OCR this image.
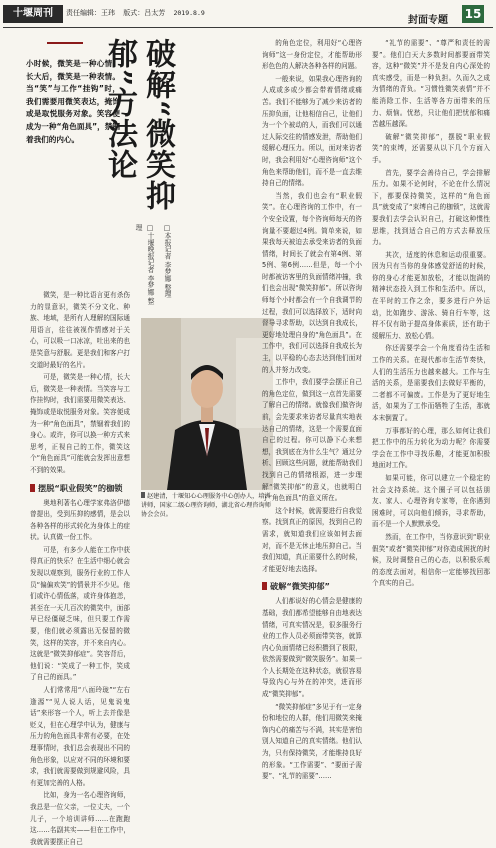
十堰周刊	责任编辑：王玮 版式：吕太芳 2019.8.9
封面专题 15
小时候，微笑是一种心情；长大后，微笑是一种表情。当“笑”与工作“挂钩”时，我们需要用微笑表达，掩饰或是取悦服务对象。笑容便成为一种“角色面具”，禁锢着我们的内心。	破解“微笑抑郁”方法论
□十堰晚报记者 李梦娜 整理

微笑，是一种比语言更有杀伤力的显意识，微笑不分文化、种族、地域，是所有人理解的国际通用语言，往往被视作情感对于关心，可以吸一口冰凉，吐出来的也是笑意与舒服。更是我们和客户打交道时最好的名片。

可是，微笑是一种心情，长大后，微笑是一种表情。当笑容与工作挂钩时，我们需要用微笑表达、掩饰或是取悦服务对象。笑容便成为一种“角色面具”，禁锢着我们的身心。或许，你可以换一种方式来思考，正视自己的工作，微笑这个“角色面具”可能就会发挥出意想不到的效果。

摆脱“职业假笑”的枷锁

奥地利著名心理学家弗洛伊德曾提出，受到压抑的感情，是会以各种各样的形式转化为身体上的症状。认真做一份工作。

可是，有多少人能在工作中获得真正的快乐？在生活中细心就会发现以观察到，服务行业的工作人员“偏偏欢笑”的情景并不少见。他们或许心情低落，或许身体抱恙，甚至在一天几百次的微笑中，面部早已经僵硬乏味，但只要工作需要，他们就必须露出无保留的微笑，这样的笑容，并不来自内心。这就是“微笑抑郁症”。笑容背后，他们说：“笑成了一种工作，笑成了自己的面具。”

人们常常用“八面玲珑”“左右逢源”“见人说人话，见鬼说鬼话”来形容一个人，听上去并像是贬义，但在心理学中认为，健康与压力的角色面具非常有必要，在处理事情时，我们总会表现出不同的角色形象，以应对不同的环境和要求，我们就需要做到规避风险，具有更加完善的人格。

比如，身为一名心理咨询师，我总是一位父亲，一位丈夫，一个儿子，一个培训讲师……在跑跑这……名副其实——但在工作中，我就需要摆正自己

赵建清，十堰知心心理服务中心创办人，培训讲师，国家二级心理咨询师，湖北省心理咨询师协会会员。

的角色定位，利用好“心理咨询师”这一身份定位，才能帮助形形色色的人解决各种各样的问题。

一般来说，如果我心理咨询的人成或多或少都会带着情绪或痛苦。我们不能够为了减少来访者的压抑负面，让他相信自己，让他们为一个个被动的人，而我们可以通过人际交往的情感发泄，帮助他们缓解心理压力。所以，面对来访者时，我会利用好“心理咨询师”这个角色来帮助他们，而不是一直去维持自己的情绪。

当然，我们也会有“职业假笑”。在心理咨询的工作中，有一个安全设置，每个咨询师每天的咨询量不要超过4例。简单来说，如果我每天被迫去承受来访者的负面情绪，时间长了就会有第4例、第5例、第6例……但是，每一个小时都被访客里的负面情绪冲撞，我们也会出现“微笑抑郁”。所以咨询师每个小时都会有一个自我调节的过程，我们可以选择放下，适时向督导寻求帮助，以达到自我成长，更好地处理自身的“角色面具”。在工作中，我们可以选择自我成长为主，以平稳的心态去达到他们面对的人并努力改变。

工作中，我们要学会摆正自己的角色定位，做到这一点首先需要了解自己的情绪。就像我们做咨询前，会先要求来访者尽量真实地表达自己的情绪，这是一个需要直面自己的过程。你可以静下心来想想，我到底在为什么生气？通过分析、回顾这些问题，就能帮助我们找到自己的情绪根源，进一步理解“微笑抑郁”的意义，也就明白了“角色面具”的意义所在。

这个时候，就需要进行自我觉察。找到真正的原因，找到自己的需求，就知道我们应该如何去面对，而不是无休止地压抑自己。当我们知道，真正需要什么的时候，才能更好地去选择。

破解“微笑抑郁”

人们都说好的心情会是健康的基础，我们都希望能够自由地表达情绪，可真实情况是，很多服务行业的工作人员必须面带笑容，就算内心负面情绪已经积攒到了极限，依然需要做到“微笑服务”。如果一个人长期处在这种状态，就很容易导致内心与外在的冲突，进而形成“微笑抑郁”。

“微笑抑郁症”多见于有一定身份和地位的人群，他们用微笑来掩饰内心的痛苦与不满，其实是害怕别人知道自己的真实情绪。他们认为，只有保持微笑，才能维持良好的形象。“工作需要”、“要面子需要”、“礼节的需要”……

“礼节的需要”、“尊严和责任的需要”。他们白天大多数时间都要面带笑容，这种“微笑”并不是发自内心深处的真实感受，而是一种负担。久而久之成为情绪的背负。“习惯性微笑表情”并不能消除工作、生活等各方面带来的压力、烦恼。忧愁，只让他们把忧郁和痛苦越压越深。

破解“微笑抑郁”，摆脱“职业假笑”的束缚，还需要从以下几个方面入手。

首先，要学会善待自己，学会排解压力。如果不论何时，不论在什么情况下，都要保持微笑，这样的“角色面具”就变成了“束缚自己的枷锁”，这就需要我们去学会认识自己，打破这种惯性思维，找到适合自己的方式去释放压力。

其次，适度的休息和运动很重要。因为只有当你的身体感觉舒适的时候，你的身心才能更加放松，才能以饱满的精神状态投入到工作和生活中。所以，在平时的工作之余，要多进行户外运动，比如跑步、游泳、骑自行车等，这样不仅有助于提高身体素质，还有助于缓解压力、放松心情。

你还需要学会一个角度看待生活和工作的关系。在现代都市生活节奏快，人们的生活压力也越来越大。工作与生活的关系，是需要我们去做好平衡的，二者都不可偏废。工作是为了更好地生活，如果为了工作而牺牲了生活，那就本末倒置了。

万事都好的心理，那么如何让我们把工作中的压力转化为动力呢？你需要学会在工作中寻找乐趣，才能更加积极地面对工作。

如果可能，你可以建立一个稳定的社会支持系统。这个圈子可以包括朋友、家人、心理咨询专家等，在你遇到困难时，可以向他们倾诉，寻求帮助，而不是一个人默默承受。

然而，在工作中，当你意识到“职业假笑”或者“微笑抑郁”对你造成困扰的时候，及时调整自己的心态，以积极乐观的态度去面对，相信你一定能够找回那个真实的自己。

□本报记者 李梦娜 整理
